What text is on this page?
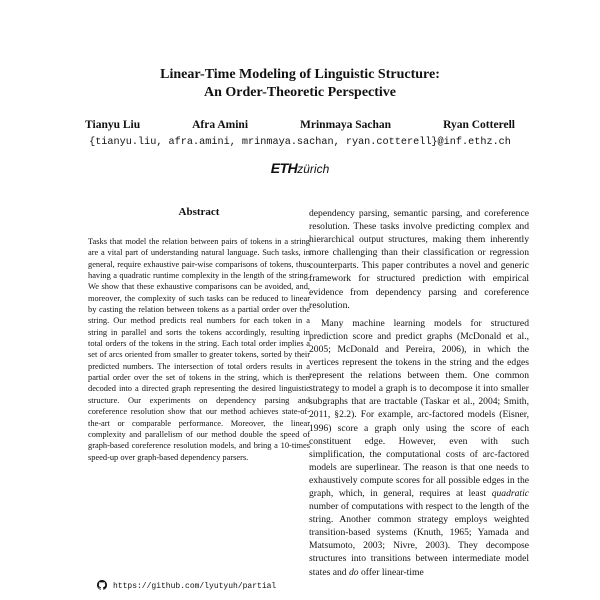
Linear-Time Modeling of Linguistic Structure:
An Order-Theoretic Perspective
Tianyu Liu	Afra Amini	Mrinmaya Sachan	Ryan Cotterell
{tianyu.liu, afra.amini, mrinmaya.sachan, ryan.cotterell}@inf.ethz.ch
ETHzürich
Abstract
Tasks that model the relation between pairs of tokens in a string are a vital part of understanding natural language. Such tasks, in general, require exhaustive pair-wise comparisons of tokens, thus having a quadratic runtime complexity in the length of the string. We show that these exhaustive comparisons can be avoided, and, moreover, the complexity of such tasks can be reduced to linear by casting the relation between tokens as a partial order over the string. Our method predicts real numbers for each token in a string in parallel and sorts the tokens accordingly, resulting in total orders of the tokens in the string. Each total order implies a set of arcs oriented from smaller to greater tokens, sorted by their predicted numbers. The intersection of total orders results in a partial order over the set of tokens in the string, which is then decoded into a directed graph representing the desired linguistic structure. Our experiments on dependency parsing and coreference resolution show that our method achieves state-of-the-art or comparable performance. Moreover, the linear complexity and parallelism of our method double the speed of graph-based coreference resolution models, and bring a 10-times speed-up over graph-based dependency parsers.
https://github.com/lyutyuh/partial

dependency parsing, semantic parsing, and coreference resolution. These tasks involve predicting complex and hierarchical output structures, making them inherently more challenging than their classification or regression counterparts. This paper contributes a novel and generic framework for structured prediction with empirical evidence from dependency parsing and coreference resolution.

Many machine learning models for structured prediction score and predict graphs (McDonald et al., 2005; McDonald and Pereira, 2006), in which the vertices represent the tokens in the string and the edges represent the relations between them. One common strategy to model a graph is to decompose it into smaller subgraphs that are tractable (Taskar et al., 2004; Smith, 2011, §2.2). For example, arc-factored models (Eisner, 1996) score a graph only using the score of each constituent edge. However, even with such simplification, the computational costs of arc-factored models are superlinear. The reason is that one needs to exhaustively compute scores for all possible edges in the graph, which, in general, requires at least quadratic number of computations with respect to the length of the string. Another common strategy employs weighted transition-based systems (Knuth, 1965; Yamada and Matsumoto, 2003; Nivre, 2003). They decompose structures into transitions between intermediate model states and do offer linear-time
